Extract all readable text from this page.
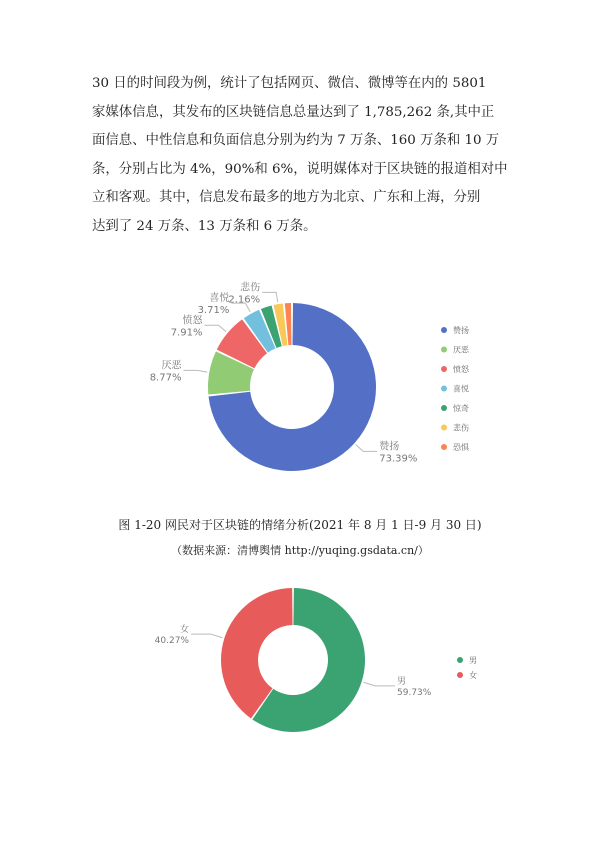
30 日的时间段为例，统计了包括网页、微信、微博等在内的 5801
家媒体信息，其发布的区块链信息总量达到了 1,785,262 条,其中正
面信息、中性信息和负面信息分别为约为 7 万条、160 万条和 10 万
条，分别占比为 4%，90%和 6%，说明媒体对于区块链的报道相对中
立和客观。其中，信息发布最多的地方为北京、广东和上海，分别
达到了 24 万条、13 万条和 6 万条。
赞扬
73.39%
厌恶
8.77%
愤怒
7.91%
喜悦
3.71%
悲伤
2.16%
赞扬
厌恶
愤怒
喜悦
惊奇
悲伤
恐惧

图 1-20 网民对于区块链的情绪分析(2021 年 8 月 1 日-9 月 30 日)

（数据来源：清博舆情 http://yuqing.gsdata.cn/）

男
59.73%
女
40.27%
男
女
